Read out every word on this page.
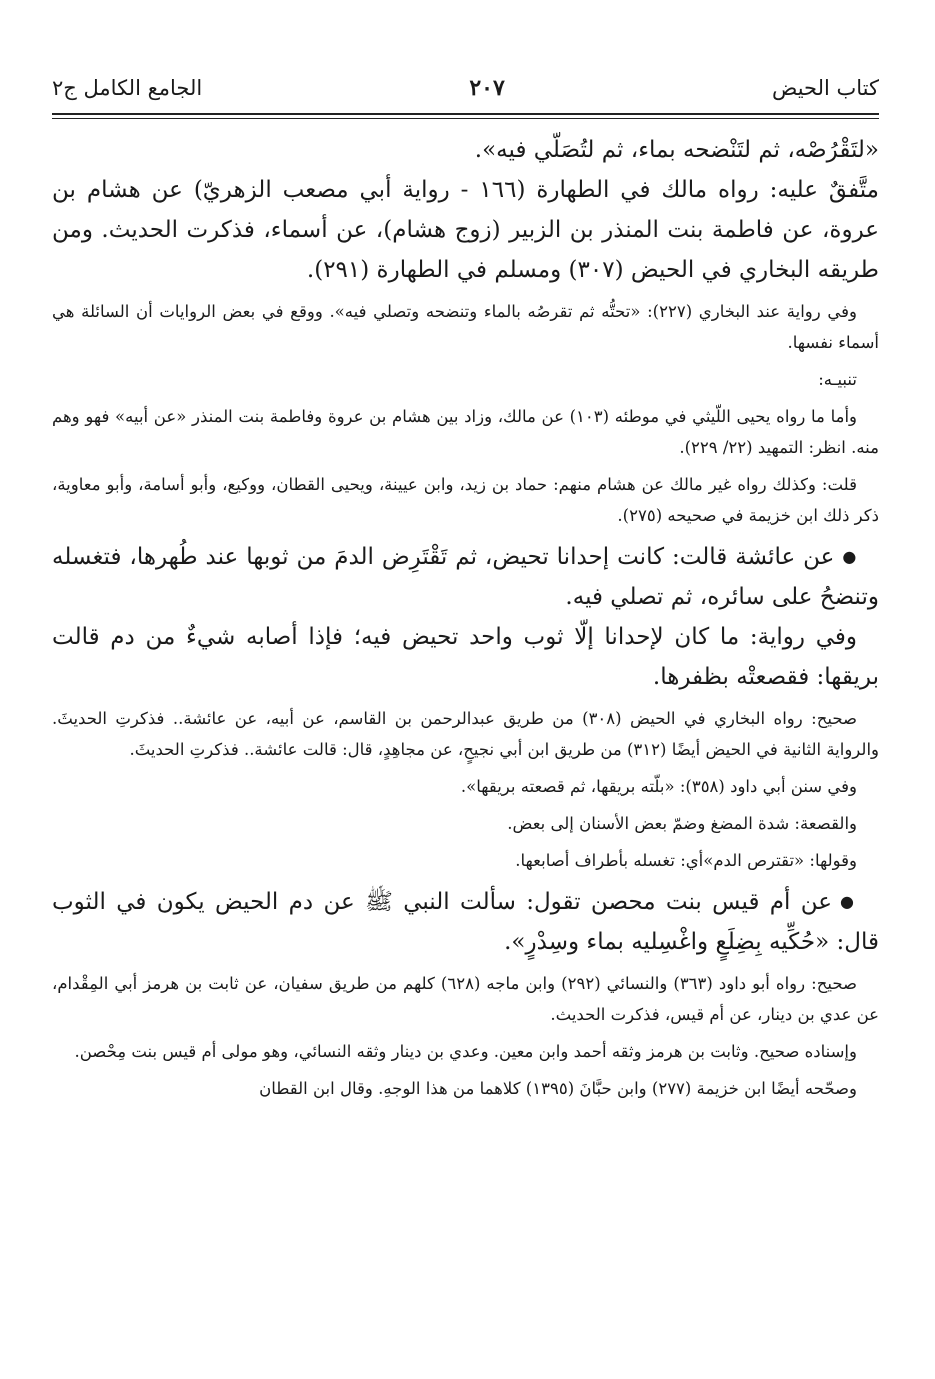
كتاب الحيض
٢٠٧
الجامع الكامل ج٢

«لتَقْرُصْه، ثم لتَنْضحه بماء، ثم لتُصَلّي فيه».

متَّفقٌ عليه: رواه مالك في الطهارة (١٦٦ - رواية أبي مصعب الزهريّ) عن هشام بن عروة، عن فاطمة بنت المنذر بن الزبير (زوج هشام)، عن أسماء، فذكرت الحديث. ومن طريقه البخاري في الحيض (٣٠٧) ومسلم في الطهارة (٢٩١).

وفي رواية عند البخاري (٢٢٧): «تحتُّه ثم تقرصُه بالماء وتنضحه وتصلي فيه». ووقع في بعض الروايات أن السائلة هي أسماء نفسها.

تنبيـه:

وأما ما رواه يحيى اللّيثي في موطئه (١٠٣) عن مالك، وزاد بين هشام بن عروة وفاطمة بنت المنذر «عن أبيه» فهو وهم منه. انظر: التمهيد (٢٢/ ٢٢٩).

قلت: وكذلك رواه غير مالك عن هشام منهم: حماد بن زيد، وابن عيينة، ويحيى القطان، ووكيع، وأبو أسامة، وأبو معاوية، ذكر ذلك ابن خزيمة في صحيحه (٢٧٥).

● عن عائشة قالت: كانت إحدانا تحيض، ثم تَقْتَرِض الدمَ من ثوبها عند طُهرها، فتغسله وتنضحُ على سائره، ثم تصلي فيه.

وفي رواية: ما كان لإحدانا إلّا ثوب واحد تحيض فيه؛ فإذا أصابه شيءٌ من دم قالت بريقها: فقصعتْه بظفرها.

صحيح: رواه البخاري في الحيض (٣٠٨) من طريق عبدالرحمن بن القاسم، عن أبيه، عن عائشة.. فذكرتِ الحديثَ. والرواية الثانية في الحيض أيضًا (٣١٢) من طريق ابن أبي نجيحٍ، عن مجاهِدٍ، قال: قالت عائشة.. فذكرتِ الحديثَ.

وفي سنن أبي داود (٣٥٨): «بلّته بريقها، ثم قصعته بريقها».

والقصعة: شدة المضغ وضمّ بعض الأسنان إلى بعض.

وقولها: «تقترص الدم»أي: تغسله بأطراف أصابعها.

● عن أم قيس بنت محصن تقول: سألت النبي ﷺ عن دم الحيض يكون في الثوب قال: «حُكِّيه بِضِلَعٍ واغْسِليه بماء وسِدْرٍ».

صحيح: رواه أبو داود (٣٦٣) والنسائي (٢٩٢) وابن ماجه (٦٢٨) كلهم من طريق سفيان، عن ثابت بن هرمز أبي المِقْدام، عن عدي بن دينار، عن أم قيس، فذكرت الحديث.

وإسناده صحيح. وثابت بن هرمز وثقه أحمد وابن معين. وعدي بن دينار وثقه النسائي، وهو مولى أم قيس بنت مِحْصن.

وصحّحه أيضًا ابن خزيمة (٢٧٧) وابن حبَّانَ (١٣٩٥) كلاهما من هذا الوجهِ. وقال ابن القطان
